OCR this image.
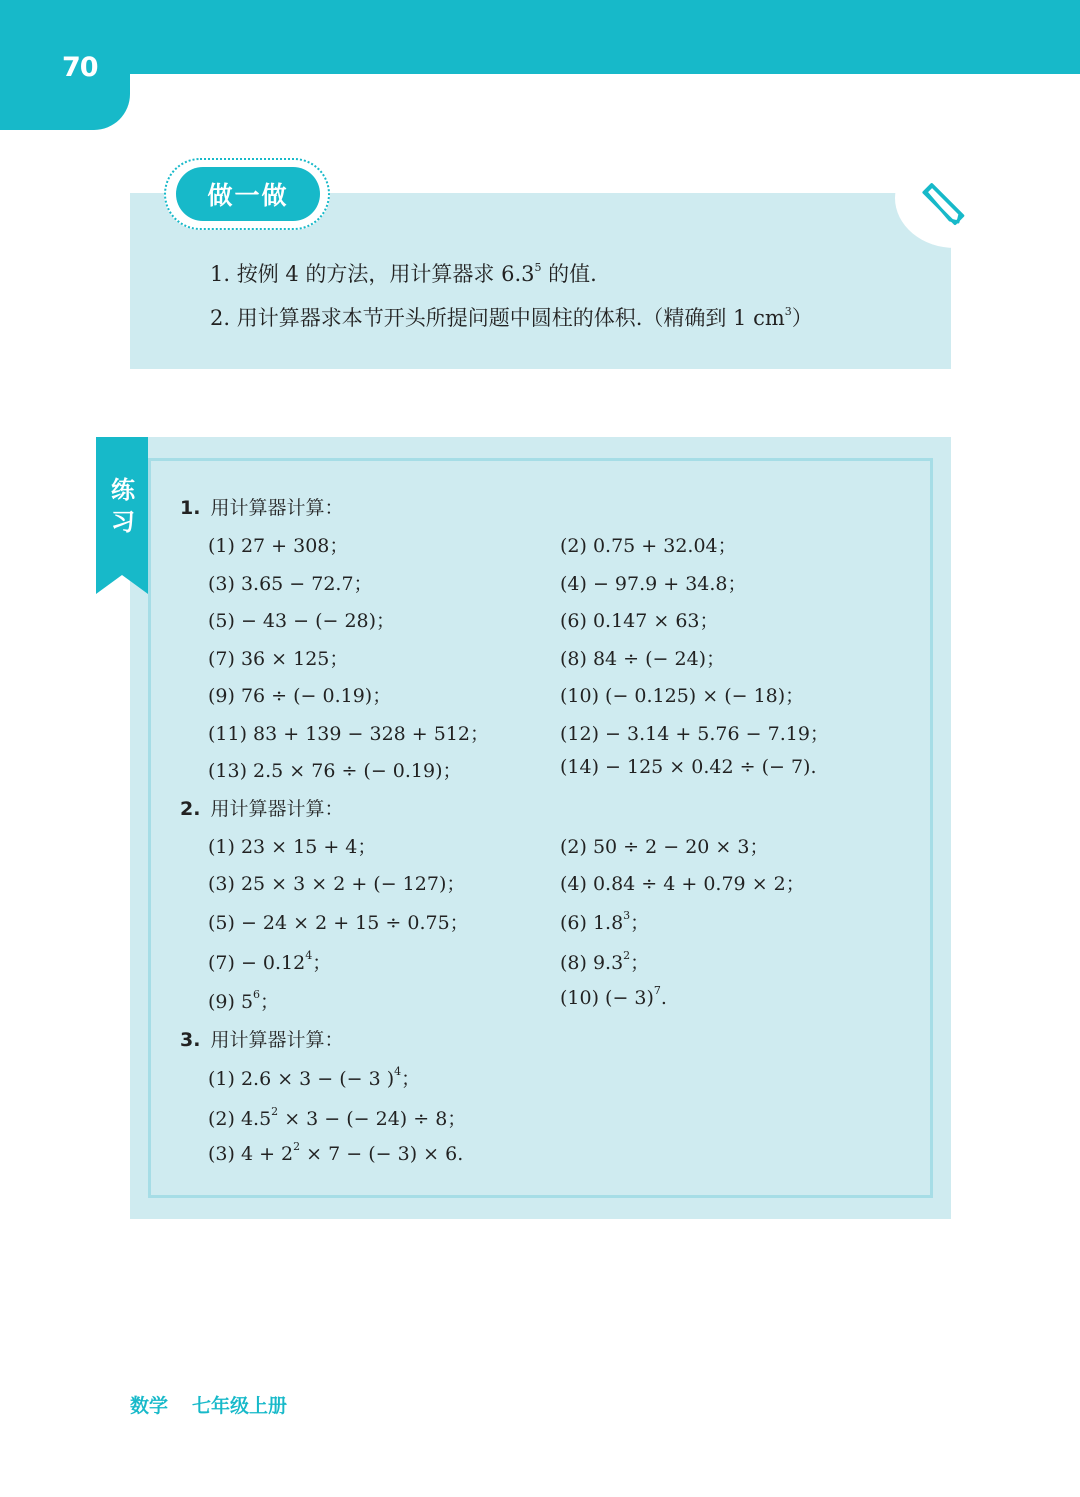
70
做一做
1. 按例 4 的方法，用计算器求 $6.3^5$ 的值.
2. 用计算器求本节开头所提问题中圆柱的体积.（精确到 1 $cm^3$）
练习 1. 用计算器计算：
(1) 27 + 308；	(2) 0.75 + 32.04；
(3) 3.65 − 72.7；	(4) − 97.9 + 34.8；
(5) − 43 − (− 28)；	(6) 0.147 × 63；
(7) 36 × 125；	(8) 84 ÷ (− 24)；
(9) 76 ÷ (− 0.19)；	(10) (− 0.125) × (− 18)；
(11) 83 + 139 − 328 + 512；	(12) − 3.14 + 5.76 − 7.19；
(13) 2.5 × 76 ÷ (− 0.19)；	(14) − 125 × 0.42 ÷ (− 7).
2. 用计算器计算：
(1) 23 × 15 + 4；	(2) 50 ÷ 2 − 20 × 3；
(3) 25 × 3 × 2 + (− 127)；	(4) 0.84 ÷ 4 + 0.79 × 2；
(5) − 24 × 2 + 15 ÷ 0.75；	(6) $1.8^3$；
$(7) - 0.12^4$；	(8) $9.3^2$；
(9) $5^6$；	(10) (− 3)$^7$.
3. 用计算器计算：
(1) 2.6 × 3 − (− 3 )$^4$；
(2) $4.5^2 \times 3$ − (− 24) ÷ 8；
(3) $4 + 2^2 \times 7$ − (− 3) × 6.
数学 七年级上册
